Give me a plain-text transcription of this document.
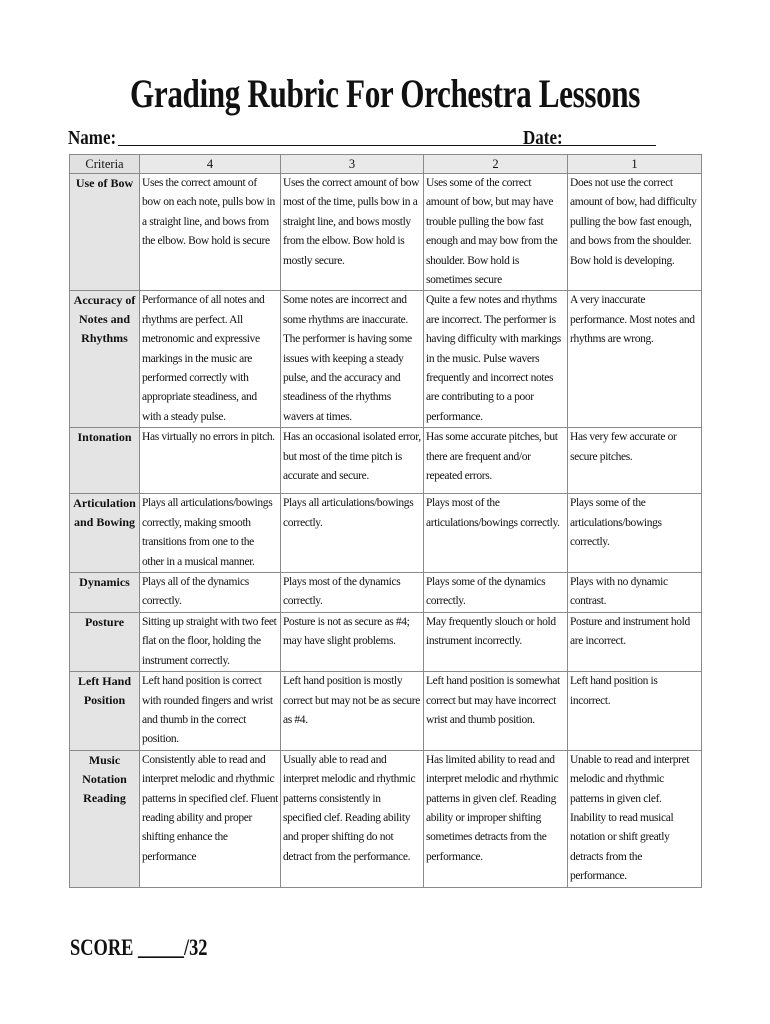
Grading Rubric For Orchestra Lessons
Name:	Date:
Criteria	4	3	2	1
Use of Bow	Uses the correct amount of bow on each note, pulls bow in a straight line, and bows from the elbow. Bow hold is secure	Uses the correct amount of bow most of the time, pulls bow in a straight line, and bows mostly from the elbow. Bow hold is mostly secure.	Uses some of the correct amount of bow, but may have trouble pulling the bow fast enough and may bow from the shoulder. Bow hold is sometimes secure	Does not use the correct amount of bow, had difficulty pulling the bow fast enough, and bows from the shoulder. Bow hold is developing.
Accuracy of Notes and Rhythms	Performance of all notes and rhythms are perfect. All metronomic and expressive markings in the music are performed correctly with appropriate steadiness, and with a steady pulse.	Some notes are incorrect and some rhythms are inaccurate. The performer is having some issues with keeping a steady pulse, and the accuracy and steadiness of the rhythms wavers at times.	Quite a few notes and rhythms are incorrect. The performer is having difficulty with markings in the music. Pulse wavers frequently and incorrect notes are contributing to a poor performance.	A very inaccurate performance. Most notes and rhythms are wrong.
Intonation	Has virtually no errors in pitch.	Has an occasional isolated error, but most of the time pitch is accurate and secure.	Has some accurate pitches, but there are frequent and/or repeated errors.	Has very few accurate or secure pitches.
Articulation and Bowing	Plays all articulations/bowings correctly, making smooth transitions from one to the other in a musical manner.	Plays all articulations/bowings correctly.	Plays most of the articulations/bowings correctly.	Plays some of the articulations/bowings correctly.
Dynamics	Plays all of the dynamics correctly.	Plays most of the dynamics correctly.	Plays some of the dynamics correctly.	Plays with no dynamic contrast.
Posture	Sitting up straight with two feet flat on the floor, holding the instrument correctly.	Posture is not as secure as #4; may have slight problems.	May frequently slouch or hold instrument incorrectly.	Posture and instrument hold are incorrect.
Left Hand Position	Left hand position is correct with rounded fingers and wrist and thumb in the correct position.	Left hand position is mostly correct but may not be as secure as #4.	Left hand position is somewhat correct but may have incorrect wrist and thumb position.	Left hand position is incorrect.
Music Notation Reading	Consistently able to read and interpret melodic and rhythmic patterns in specified clef. Fluent reading ability and proper shifting enhance the performance	Usually able to read and interpret melodic and rhythmic patterns consistently in specified clef. Reading ability and proper shifting do not detract from the performance.	Has limited ability to read and interpret melodic and rhythmic patterns in given clef. Reading ability or improper shifting sometimes detracts from the performance.	Unable to read and interpret melodic and rhythmic patterns in given clef. Inability to read musical notation or shift greatly detracts from the performance.
SCORE _____/32
